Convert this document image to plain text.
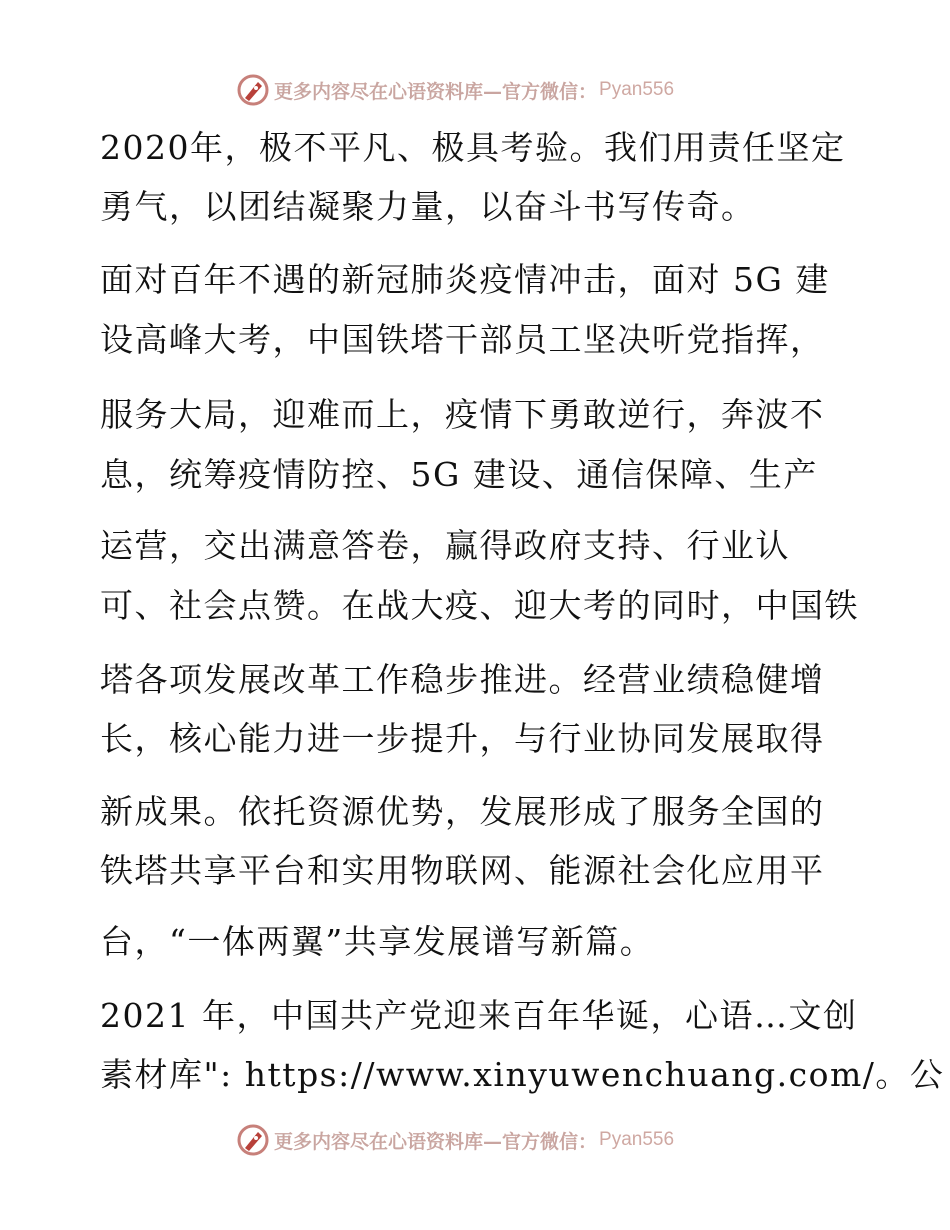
更多内容尽在心语资料库—官方微信： Pyan556
2020年，极不平凡、极具考验。我们用责任坚定
勇气，以团结凝聚力量，以奋斗书写传奇。
面对百年不遇的新冠肺炎疫情冲击，面对 5G 建
设高峰大考，中国铁塔干部员工坚决听党指挥，
服务大局，迎难而上，疫情下勇敢逆行，奔波不
息，统筹疫情防控、5G 建设、通信保障、生产
运营，交出满意答卷，赢得政府支持、行业认
可、社会点赞。在战大疫、迎大考的同时，中国铁
塔各项发展改革工作稳步推进。经营业绩稳健增
长，核心能力进一步提升，与行业协同发展取得
新成果。依托资源优势，发展形成了服务全国的
铁塔共享平台和实用物联网、能源社会化应用平
台，“一体两翼”共享发展谱写新篇。
2021 年，中国共产党迎来百年华诞，心语…文创
素材库": https://www.xinyuwenchuang.com/。公
更多内容尽在心语资料库—官方微信： Pyan556
